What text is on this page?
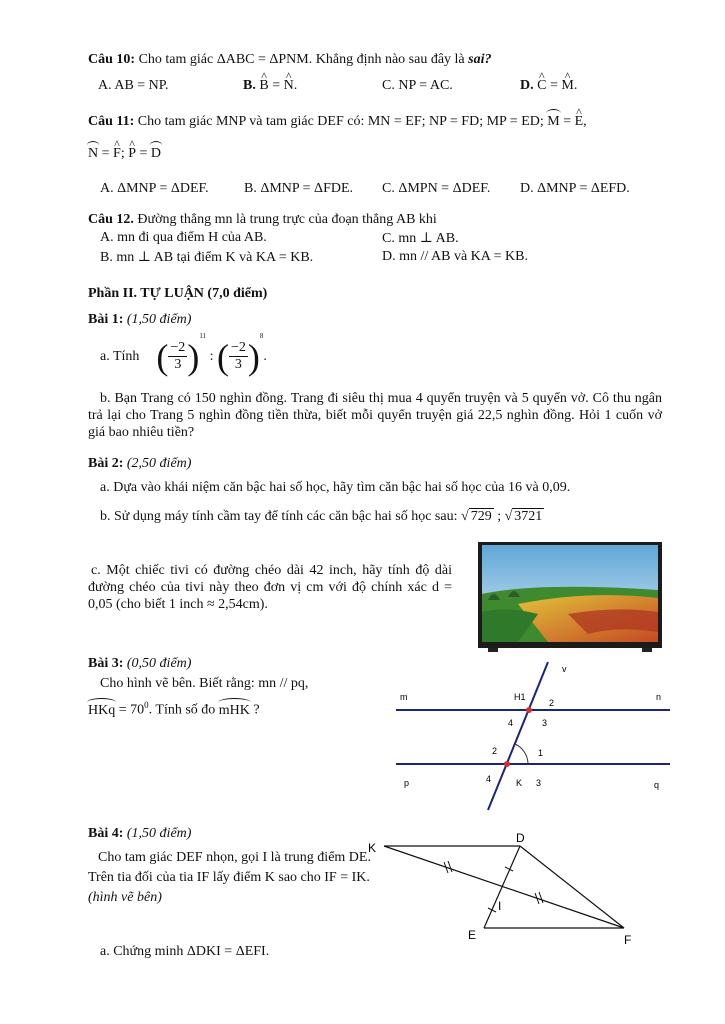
Câu 10: Cho tam giác ΔABC = ΔPNM. Khẳng định nào sau đây là sai?
A. AB = NP.	B. ^ B = ^ N.	C. NP = AC.	D. ^ C = ^ M.
Câu 11: Cho tam giác MNP và tam giác DEF có: MN = EF; NP = FD; MP = ED; M = ^ E,
N = ^ F; ^ P = D
A. ΔMNP = ΔDEF.	B. ΔMNP = ΔFDE. C. ΔMPN = ΔDEF. D. ΔMNP = ΔEFD.
Câu 12. Đường thẳng mn là trung trực của đoạn thẳng AB khi
A. mn đi qua điểm H của AB.	C. mn ⊥ AB.
B. mn ⊥ AB tại điểm K và KA = KB.	D. mn // AB và KA = KB.
Phần II. TỰ LUẬN (7,0 điểm)
Bài 1: (1,50 điểm)
a. Tính ( $\frac{-2}{3} )^{11}$ : ( $\frac{-2}{3} )^8$.
b. Bạn Trang có 150 nghìn đồng. Trang đi siêu thị mua 4 quyển truyện và 5 quyển vở. Cô thu ngân trả lại cho Trang 5 nghìn đồng tiền thừa, biết mỗi quyển truyện giá 22,5 nghìn đồng. Hỏi 1 cuốn vở giá bao nhiêu tiền?
Bài 2: (2,50 điểm)
a. Dựa vào khái niệm căn bậc hai số học, hãy tìm căn bậc hai số học của 16 và 0,09.
b. Sử dụng máy tính cầm tay để tính các căn bậc hai số học sau: √ 729 ; √ 3721
c. Một chiếc tivi có đường chéo dài 42 inch, hãy tính độ dài đường chéo của tivi này theo đơn vị cm với độ chính xác d = 0,05 (cho biết 1 inch ≈ 2,54cm).
Bài 3: (0,50 điểm)
Cho hình vẽ bên. Biết rằng: mn // pq,
HKq = $70^0$. Tính số đo mHK ?
v
m	n
p	q
H1
2
4	3
2	1
4	K 3
Bài 4: (1,50 điểm)
Cho tam giác DEF nhọn, gọi I là trung điểm DE. Trên tia đối của tia IF lấy điểm K sao cho IF = IK. (hình vẽ bên)
a. Chứng minh ΔDKI = ΔEFI.
K
D
I
E	F
